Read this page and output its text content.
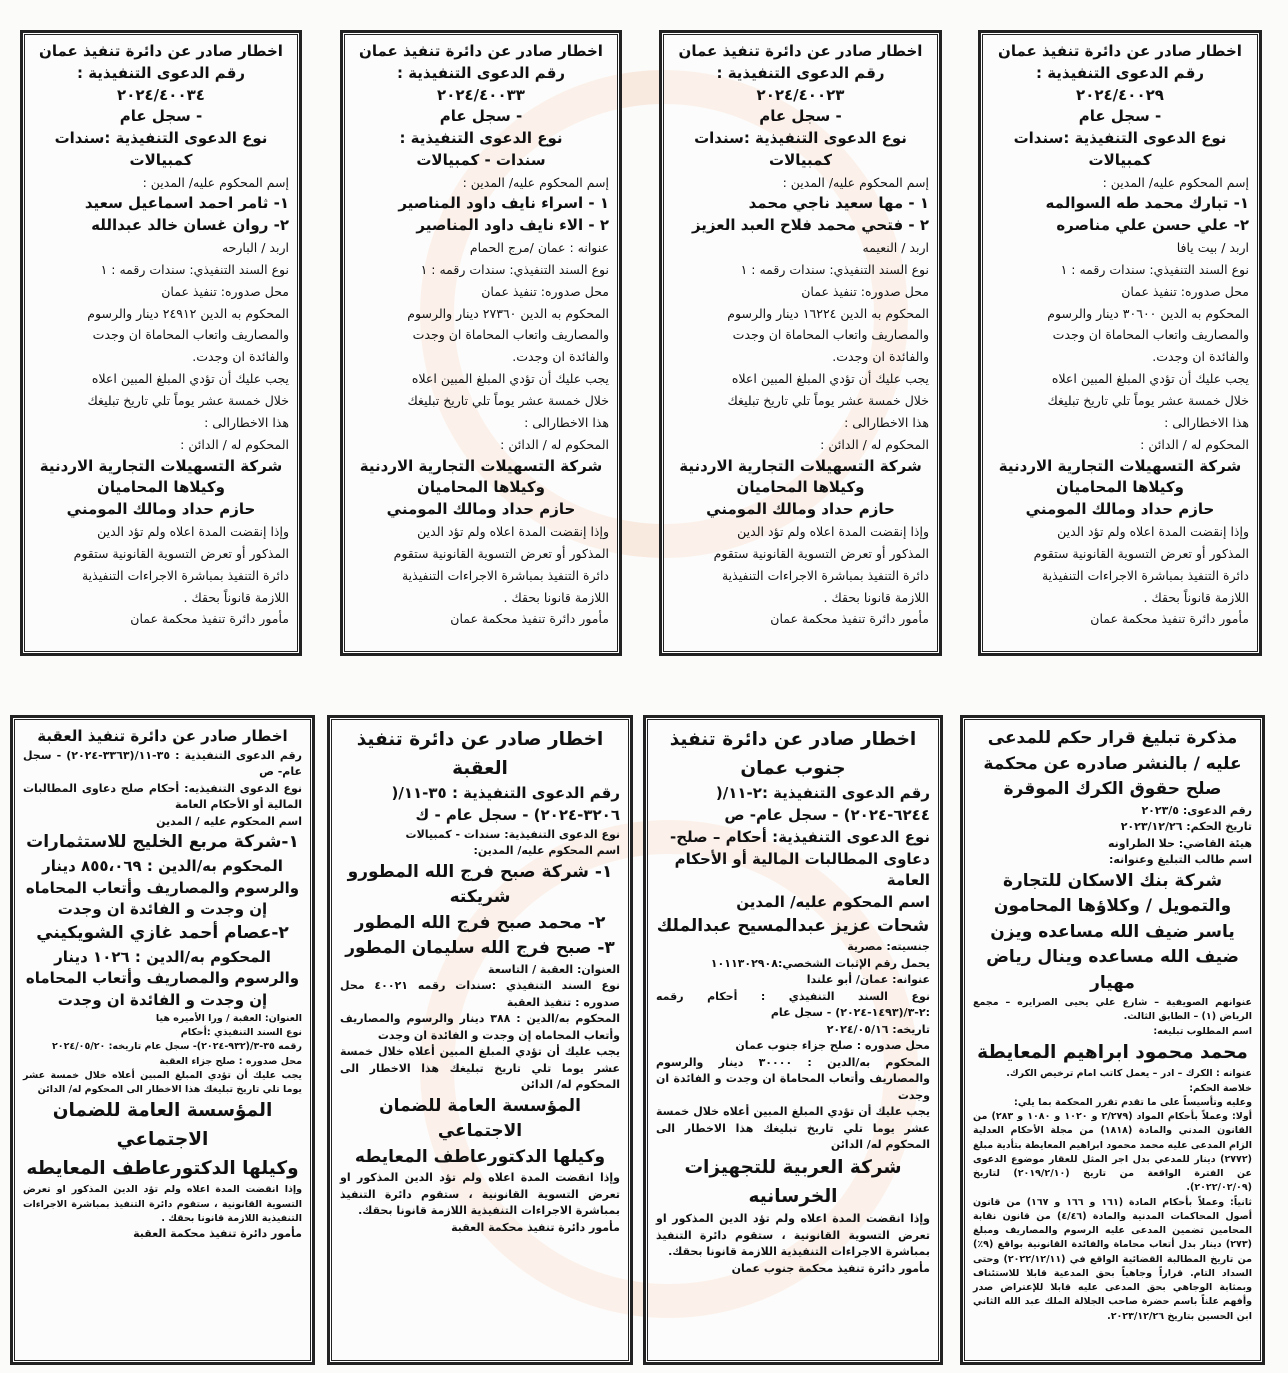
اخطار صادر عن دائرة تنفيذ عمان

رقم الدعوى التنفيذية : ٢٠٢٤/٤٠٠٢٩

- سجل عام

نوع الدعوى التنفيذية :سندات كمبيالات

إسم المحكوم عليه/ المدين :

١- تبارك محمد طه السوالمه

٢- علي حسن علي مناصره

اربد / بيت يافا

نوع السند التنفيذي: سندات رقمه : ١

محل صدوره: تنفيذ عمان

المحكوم به الدين ٣٠٦٠٠ دينار والرسوم

والمصاريف واتعاب المحاماة ان وجدت

والفائدة ان وجدت.

يجب عليك أن تؤدي المبلغ المبين اعلاه

خلال خمسة عشر يوماً تلي تاريخ تبليغك

هذا الاخطارالى :

المحكوم له / الدائن :

شركة التسهيلات التجارية الاردنية

وكيلاها المحاميان

حازم حداد ومالك المومني

وإذا إنقضت المدة اعلاه ولم تؤد الدين

المذكور أو تعرض التسوية القانونية ستقوم

دائرة التنفيذ بمباشرة الاجراءات التنفيذية

اللازمة قانوناً بحقك .

مأمور دائرة تنفيذ محكمة عمان

اخطار صادر عن دائرة تنفيذ عمان

رقم الدعوى التنفيذية : ٢٠٢٤/٤٠٠٢٣

- سجل عام

نوع الدعوى التنفيذية :سندات كمبيالات

إسم المحكوم عليه/ المدين :

١ - مها سعيد ناجي محمد

٢ - فتحي محمد فلاح العبد العزيز

اربد / النعيمه

نوع السند التنفيذي: سندات رقمه : ١

محل صدوره: تنفيذ عمان

المحكوم به الدين ١٦٢٢٤ دينار والرسوم

والمصاريف واتعاب المحاماة ان وجدت

والفائدة ان وجدت.

يجب عليك أن تؤدي المبلغ المبين اعلاه

خلال خمسة عشر يوماً تلي تاريخ تبليغك

هذا الاخطارالى :

المحكوم له / الدائن :

شركة التسهيلات التجارية الاردنية

وكيلاها المحاميان

حازم حداد ومالك المومني

وإذا إنقضت المدة اعلاه ولم تؤد الدين

المذكور أو تعرض التسوية القانونية ستقوم

دائرة التنفيذ بمباشرة الاجراءات التنفيذية

اللازمة قانونا بحقك .

مأمور دائرة تنفيذ محكمة عمان

اخطار صادر عن دائرة تنفيذ عمان

رقم الدعوى التنفيذية : ٢٠٢٤/٤٠٠٣٣

- سجل عام

نوع الدعوى التنفيذية :

سندات - كمبيالات

إسم المحكوم عليه/ المدين :

١ - اسراء نايف داود المناصير

٢ - الاء نايف داود المناصير

عنوانه : عمان /مرج الحمام

نوع السند التنفيذي: سندات رقمه : ١

محل صدوره: تنفيذ عمان

المحكوم به الدين ٢٧٣٦٠ دينار والرسوم

والمصاريف واتعاب المحاماة ان وجدت

والفائدة ان وجدت.

يجب عليك أن تؤدي المبلغ المبين اعلاه

خلال خمسة عشر يوماً تلي تاريخ تبليغك

هذا الاخطارالى :

المحكوم له / الدائن :

شركة التسهيلات التجارية الاردنية

وكيلاها المحاميان

حازم حداد ومالك المومني

وإذا إنقضت المدة اعلاه ولم تؤد الدين

المذكور أو تعرض التسوية القانونية ستقوم

دائرة التنفيذ بمباشرة الاجراءات التنفيذية

اللازمة قانونا بحقك .

مأمور دائرة تنفيذ محكمة عمان

اخطار صادر عن دائرة تنفيذ عمان

رقم الدعوى التنفيذية : ٢٠٢٤/٤٠٠٣٤

- سجل عام

نوع الدعوى التنفيذية :سندات كمبيالات

إسم المحكوم عليه/ المدين :

١- ثامر احمد اسماعيل سعيد

٢- روان غسان خالد عبدالله

اربد / البارحه

نوع السند التنفيذي: سندات رقمه : ١

محل صدوره: تنفيذ عمان

المحكوم به الدين ٢٤٩١٢ دينار والرسوم

والمصاريف واتعاب المحاماة ان وجدت

والفائدة ان وجدت.

يجب عليك أن تؤدي المبلغ المبين اعلاه

خلال خمسة عشر يوماً تلي تاريخ تبليغك

هذا الاخطارالى :

المحكوم له / الدائن :

شركة التسهيلات التجارية الاردنية

وكيلاها المحاميان

حازم حداد ومالك المومني

وإذا إنقضت المدة اعلاه ولم تؤد الدين

المذكور أو تعرض التسوية القانونية ستقوم

دائرة التنفيذ بمباشرة الاجراءات التنفيذية

اللازمة قانوناً بحقك .

مأمور دائرة تنفيذ محكمة عمان

مذكرة تبليغ قرار حكم للمدعى عليه / بالنشر صادره عن محكمة صلح حقوق الكرك الموقرة

رقم الدعوى: ٢٠٢٣/٥

تاريخ الحكم: ٢٠٢٣/١٢/٢٦

هيئة القاضي: حلا الطراونه

اسم طالب التبليغ وعنوانه:

شركة بنك الاسكان للتجارة والتمويل / وكلاؤها المحامون ياسر ضيف الله مساعده ويزن ضيف الله مساعده وينال رياض مهيار

عنوانهم الصويفية – شارع علي يحيى الصرايره – مجمع الرياض (١) – الطابق الثالث.

اسم المطلوب تبليغه:

محمد محمود ابراهيم المعايطة

عنوانه : الكرك – ادر – يعمل كاتب امام ترخيص الكرك.

خلاصة الحكم:

وعليه وتأسيساً على ما تقدم تقرر المحكمة بما يلي:

أولا: وعملاً بأحكام المواد (٢/٢٧٩ و ١٠٢٠ و ١٠٨٠ و ٢٨٣) من القانون المدني والمادة (١٨١٨) من مجلة الأحكام العدلية الزام المدعى عليه محمد محمود ابراهيم المعايطة بتأدية مبلغ (٢٧٧٢) دينار للمدعي بدل اجر المثل للعقار موضوع الدعوى عن الفترة الواقعة من تاريخ (٢٠١٩/٢/١٠) لتاريخ (٢٠٢٢/٠٢/٠٩).

ثانياً: وعملاً بأحكام المادة (١٦١ و ١٦٦ و ١٦٧) من قانون أصول المحاكمات المدنية والمادة (٤/٤٦) من قانون نقابة المحامين تضمين المدعى عليه الرسوم والمصاريف ومبلغ (٢٧٣) دينار بدل أتعاب محاماة والفائدة القانونية بواقع (٩٪) من تاريخ المطالبة القضائية الواقع في (٢٠٢٢/١٢/١١) وحتى السداد التام. قراراً وجاهياً بحق المدعية قابلا للاستئناف وبمثابة الوجاهي بحق المدعى عليه قابلا للإعتراض صدر وأفهم علناً باسم حضرة صاحب الجلالة الملك عبد الله الثاني ابن الحسين بتاريخ ٢٠٢٣/١٢/٢٦.

اخطار صادر عن دائرة تنفيذ جنوب عمان

رقم الدعوى التنفيذية :٢-١١/( ٦٢٤٤-٢٠٢٤) - سجل عام- ص

نوع الدعوى التنفيذية: أحكام – صلح- دعاوى المطالبات المالية أو الأحكام العامة

اسم المحكوم عليه/ المدين

شحات عزيز عبدالمسيح عبدالملك

جنسيته: مصرية

يحمل رقم الإثبات الشخصي:١٠١١٣٠٢٩٠٨

عنوانه: عمان/ أبو علندا

نوع السند التنفيذي : أحكام رقمه :٢-٣/(١٤٩٣-٢٠٢٤) - سجل عام

تاريخه: ٢٠٢٤/٠٥/١٦

محل صدوره : صلح جزاء جنوب عمان

المحكوم به/الدين : ٣٠٠٠٠ دينار والرسوم والمصاريف وأتعاب المحاماة ان وجدت و الفائدة ان وجدت

يجب عليك أن تؤدي المبلغ المبين أعلاه خلال خمسة عشر يوما تلي تاريخ تبليغك هذا الاخطار الى المحكوم له/ الدائن

شركة العربية للتجهيزات الخرسانيه

وإذا انقضت المدة اعلاه ولم تؤد الدين المذكور او تعرض التسوية القانونية ، ستقوم دائرة التنفيذ بمباشرة الاجراءات التنفيذية اللازمة قانونا بحقك.

مأمور دائرة تنفيذ محكمة جنوب عمان

اخطار صادر عن دائرة تنفيذ العقبة

رقم الدعوى التنفيذية : ٣٥-١١/( ٣٢٠٦-٢٠٢٤) - سجل عام - ك

نوع الدعوى التنفيذية: سندات - كمبيالات

اسم المحكوم عليه/ المدين:

١- شركة صبح فرج الله المطورو شريكته

٢- محمد صبح فرج الله المطور

٣- صبح فرج الله سليمان المطور

العنوان: العقبة / التاسعة

نوع السند التنفيذي :سندات رقمه ٤٠٠٢١ محل صدوره : تنفيذ العقبة

المحكوم به/الدين : ٣٨٨ دينار والرسوم والمصاريف وأتعاب المحاماه إن وجدت و الفائدة ان وجدت

يجب عليك أن تؤدي المبلغ المبين أعلاه خلال خمسة عشر يوما تلي تاريخ تبليغك هذا الاخطار الى المحكوم له/ الدائن

المؤسسة العامة للضمان الاجتماعي

وكيلها الدكتورعاطف المعايطه

وإذا انقضت المدة اعلاه ولم تؤد الدين المذكور او تعرض التسوية القانونية ، ستقوم دائرة التنفيذ بمباشرة الاجراءات التنفيذية اللازمة قانونا بحقك.

مأمور دائرة تنفيذ محكمة العقبة

اخطار صادر عن دائرة تنفيذ العقبة

رقم الدعوى التنفيذية : ٣٥-١١/(٣٣٦٣-٢٠٢٤) - سجل عام- ص

نوع الدعوى التنفيذيه: أحكام صلح دعاوى المطالبات المالية أو الأحكام العامة

اسم المحكوم عليه / المدين

١-شركة مربع الخليج للاستثمارات

المحكوم به/الدين : ٨٥٥،٠٦٩ دينار والرسوم والمصاريف وأتعاب المحاماه إن وجدت و الفائدة ان وجدت

٢-عصام أحمد غازي الشويكيني

المحكوم به/الدين : ١٠٢٦ دينار والرسوم والمصاريف وأتعاب المحاماه إن وجدت و الفائدة ان وجدت

العنوان: العقبة / ورا الأميره هيا

نوع السند التنفيذي :أحكام

رقمه ٣٥-٣/(٩٣٢-٢٠٢٤)- سجل عام تاريخه: ٢٠٢٤/٠٥/٢٠

محل صدوره : صلح جزاء العقبة

يجب عليك أن تؤدي المبلغ المبين أعلاه خلال خمسة عشر يوما تلي تاريخ تبليغك هذا الاخطار الى المحكوم له/ الدائن

المؤسسة العامة للضمان الاجتماعي

وكيلها الدكتورعاطف المعايطه

وإذا انقضت المدة اعلاه ولم تؤد الدين المذكور او تعرض التسوية القانونية ، ستقوم دائرة التنفيذ بمباشرة الاجراءات التنفيذية اللازمة قانونا بحقك .

مأمور دائرة تنفيذ محكمة العقبة
